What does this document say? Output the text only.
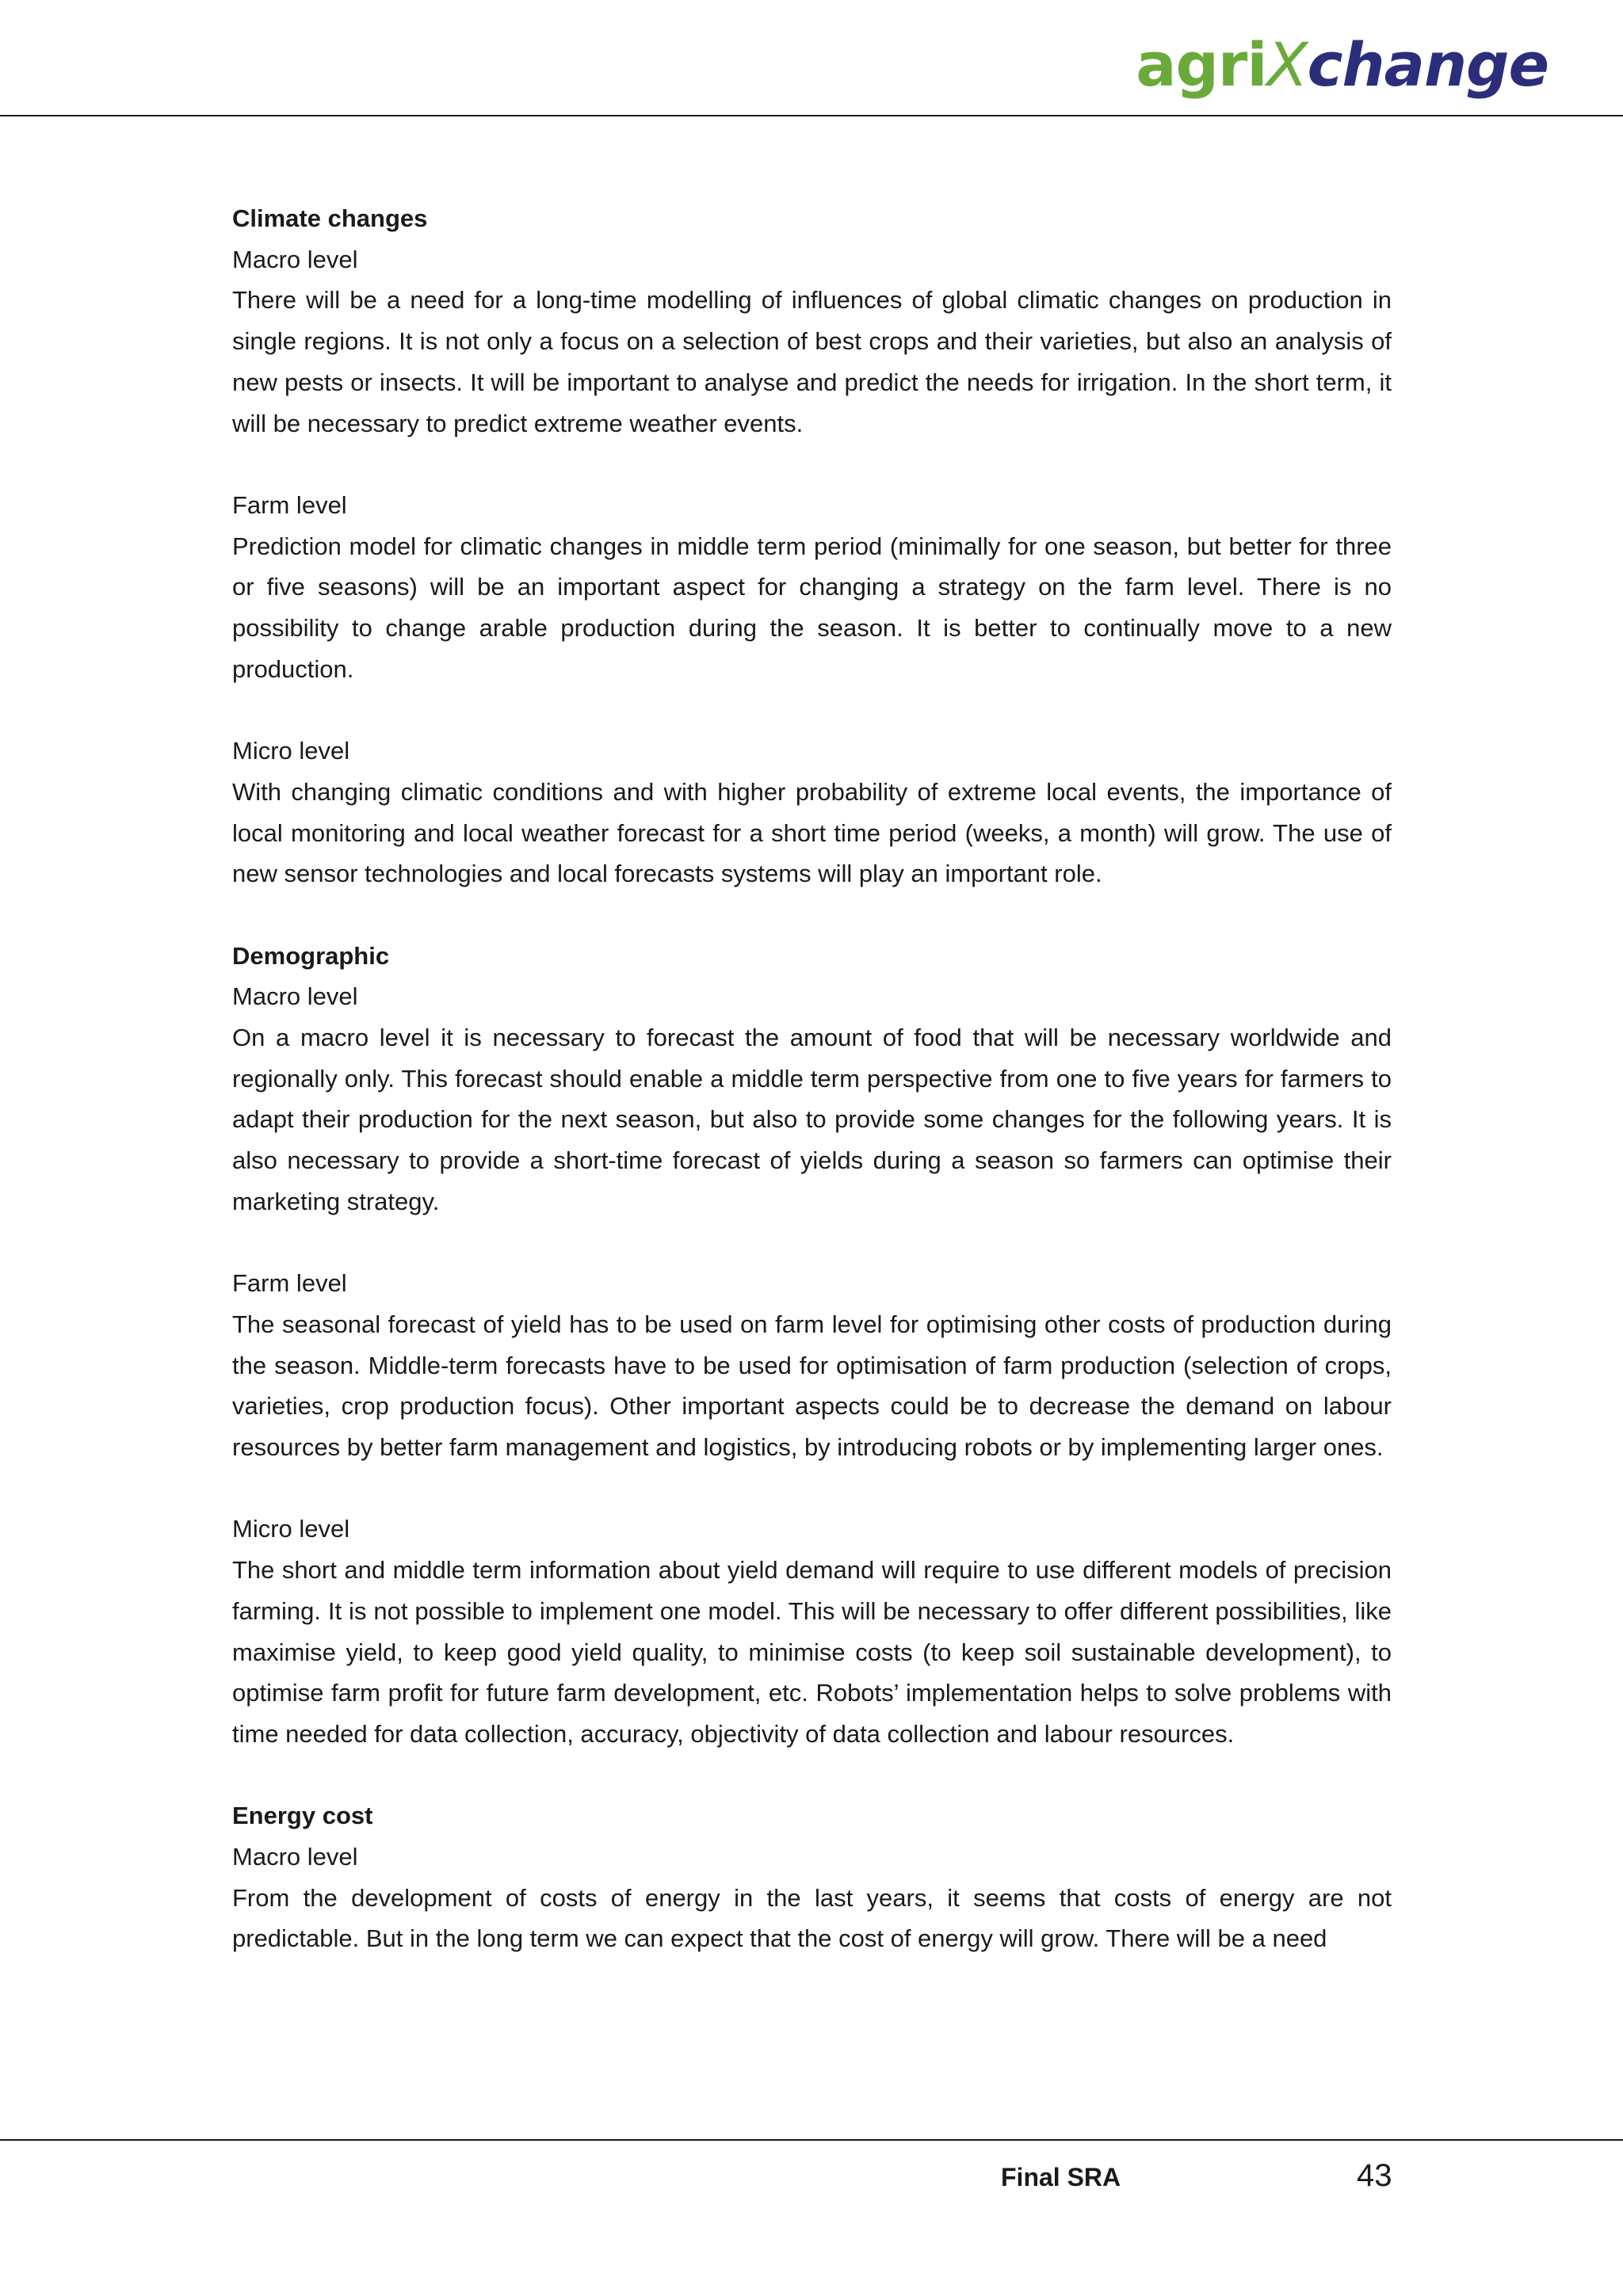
agriXchange

Climate changes

Macro level

There will be a need for a long-time modelling of influences of global climatic changes on production in single regions. It is not only a focus on a selection of best crops and their varieties, but also an analysis of new pests or insects. It will be important to analyse and predict the needs for irrigation. In the short term, it will be necessary to predict extreme weather events.

Farm level

Prediction model for climatic changes in middle term period (minimally for one season, but better for three or five seasons) will be an important aspect for changing a strategy on the farm level. There is no possibility to change arable production during the season. It is better to continually move to a new production.

Micro level

With changing climatic conditions and with higher probability of extreme local events, the importance of local monitoring and local weather forecast for a short time period (weeks, a month) will grow. The use of new sensor technologies and local forecasts systems will play an important role.

Demographic

Macro level

On a macro level it is necessary to forecast the amount of food that will be necessary worldwide and regionally only. This forecast should enable a middle term perspective from one to five years for farmers to adapt their production for the next season, but also to provide some changes for the following years. It is also necessary to provide a short-time forecast of yields during a season so farmers can optimise their marketing strategy.

Farm level

The seasonal forecast of yield has to be used on farm level for optimising other costs of production during the season. Middle-term forecasts have to be used for optimisation of farm production (selection of crops, varieties, crop production focus). Other important aspects could be to decrease the demand on labour resources by better farm management and logistics, by introducing robots or by implementing larger ones.

Micro level

The short and middle term information about yield demand will require to use different models of precision farming. It is not possible to implement one model. This will be necessary to offer different possibilities, like maximise yield, to keep good yield quality, to minimise costs (to keep soil sustainable development), to optimise farm profit for future farm development, etc. Robots’ implementation helps to solve problems with time needed for data collection, accuracy, objectivity of data collection and labour resources.

Energy cost

Macro level

From the development of costs of energy in the last years, it seems that costs of energy are not predictable. But in the long term we can expect that the cost of energy will grow. There will be a need

Final SRA	43
